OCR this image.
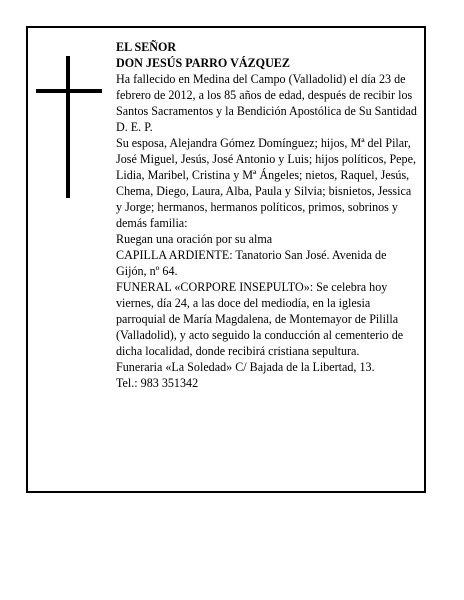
EL SEÑOR

DON JESÚS PARRO VÁZQUEZ

Ha fallecido en Medina del Campo (Valladolid) el día 23 de febrero de 2012, a los 85 años de edad, después de recibir los Santos Sacramentos y la Bendición Apostólica de Su Santidad

D. E. P.

Su esposa, Alejandra Gómez Domínguez; hijos, Mª del Pilar, José Miguel, Jesús, José Antonio y Luis; hijos políticos, Pepe, Lidia, Maribel, Cristina y Mª Ángeles; nietos, Raquel, Jesús, Chema, Diego, Laura, Alba, Paula y Silvia; bisnietos, Jessica y Jorge; hermanos, hermanos políticos, primos, sobrinos y demás familia:

Ruegan una oración por su alma

CAPILLA ARDIENTE: Tanatorio San José. Avenida de Gijón, nº 64.

FUNERAL «CORPORE INSEPULTO»: Se celebra hoy viernes, día 24, a las doce del mediodía, en la iglesia parroquial de María Magdalena, de Montemayor de Pililla (Valladolid), y acto seguido la conducción al cementerio de dicha localidad, donde recibirá cristiana sepultura.

Funeraria «La Soledad» C/ Bajada de la Libertad, 13.

Tel.: 983 351342
